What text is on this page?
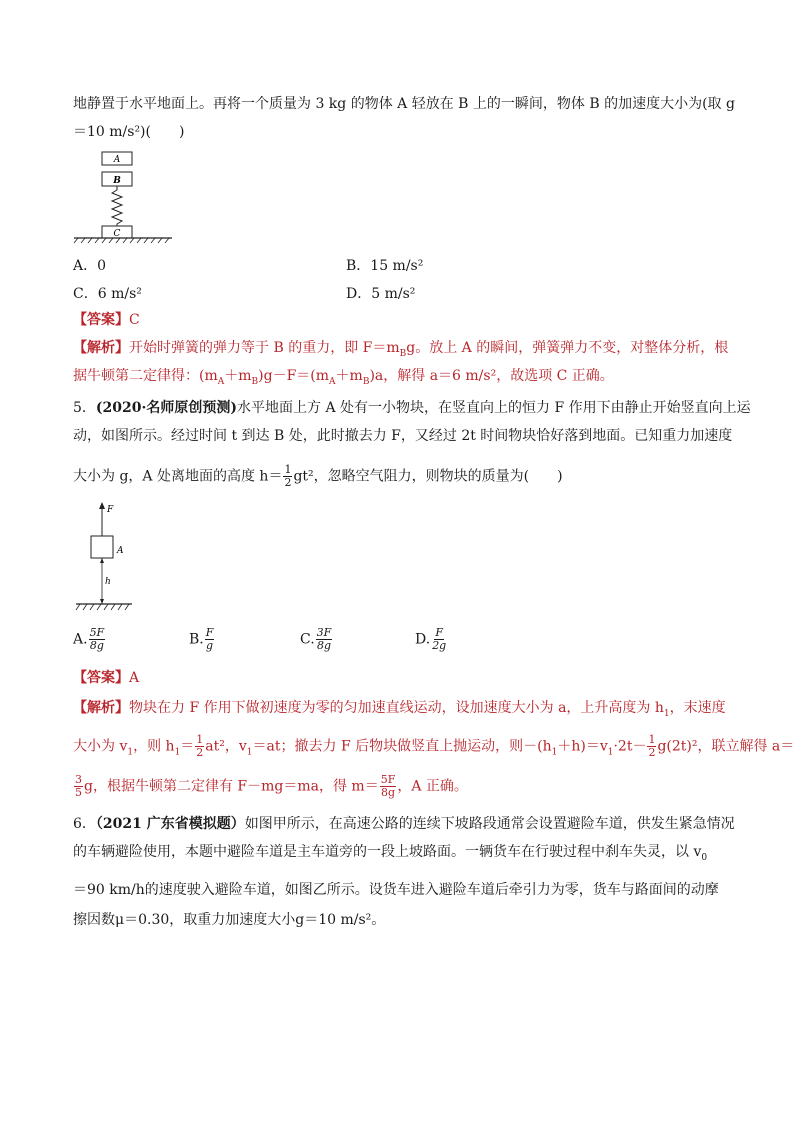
地静置于水平地面上。再将一个质量为 3 kg 的物体 A 轻放在 B 上的一瞬间，物体 B 的加速度大小为(取 g
＝10 m/s²)(　　)
A
B
C
A．0	B．15 m/s²
C．6 m/s²	D．5 m/s²
【答案】C
【解析】开始时弹簧的弹力等于 B 的重力，即 $F=m_Bg$。放上 A 的瞬间，弹簧弹力不变，对整体分析，根
据牛顿第二定律得：$(m_A+m_B)g-F=(m_A+m_B)a$，解得 a＝6 m/s²，故选项 C 正确。
5．(2020·名师原创预测)水平地面上方 A 处有一小物块，在竖直向上的恒力 F 作用下由静止开始竖直向上运
动，如图所示。经过时间 t 到达 B 处，此时撤去力 F，又经过 2t 时间物块恰好落到地面。已知重力加速度
大小为 g，A 处离地面的高度 $h= \frac{1}{2} gt^2$，忽略空气阻力，则物块的质量为(　　)
F
A
h
A. $\frac{5F}{8g}$	B. $\frac{F}{g}$	C. $\frac{3F}{8g}$	D. $\frac{F}{2g}$
【答案】A
【解析】物块在力 F 作用下做初速度为零的匀加速直线运动，设加速度大小为 a，上升高度为 $h_1$，末速度
大小为 $v_1$，则 $h_1= \frac{1}{2} at^2$，$v_1=at$；撤去力 F 后物块做竖直上抛运动，则$-(h_1+h)=v_1\cdot 2t- \frac{1}{2} g(2t)^2$，联立解得 a＝
$\frac{3}{5}$ g，根据牛顿第二定律有 F－mg＝ma，得 $m= \frac{5F}{8g}$ ，A 正确。
6．（2021 广东省模拟题）如图甲所示，在高速公路的连续下坡路段通常会设置避险车道，供发生紧急情况
的车辆避险使用，本题中避险车道是主车道旁的一段上坡路面。一辆货车在行驶过程中刹车失灵，以 $v_0$
＝90 km/h的速度驶入避险车道，如图乙所示。设货车进入避险车道后牵引力为零，货车与路面间的动摩
擦因数μ＝0.30，取重力加速度大小g＝10 m/s²。
